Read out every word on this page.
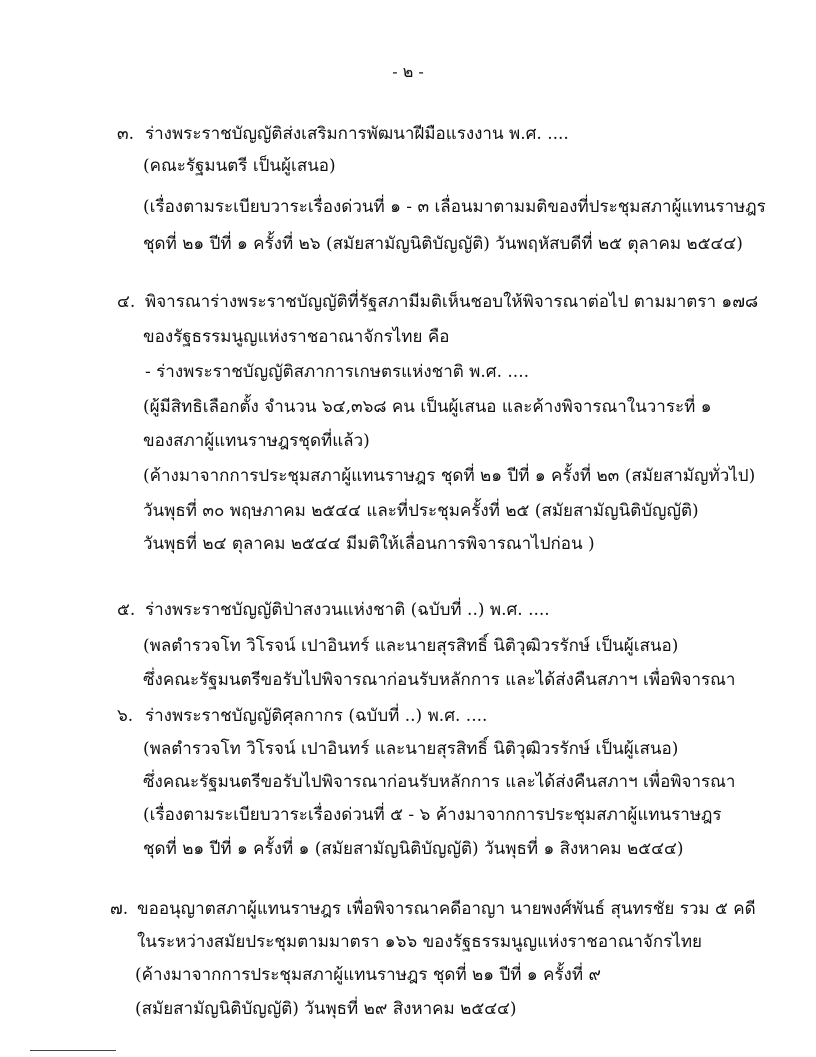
- ๒ -
๓. ร่างพระราชบัญญัติส่งเสริมการพัฒนาฝีมือแรงงาน พ.ศ. ....
(คณะรัฐมนตรี เป็นผู้เสนอ)
(เรื่องตามระเบียบวาระเรื่องด่วนที่ ๑ - ๓ เลื่อนมาตามมติของที่ประชุมสภาผู้แทนราษฎร
ชุดที่ ๒๑ ปีที่ ๑ ครั้งที่ ๒๖ (สมัยสามัญนิติบัญญัติ) วันพฤหัสบดีที่ ๒๕ ตุลาคม ๒๕๔๔)
๔. พิจารณาร่างพระราชบัญญัติที่รัฐสภามีมติเห็นชอบให้พิจารณาต่อไป ตามมาตรา ๑๗๘
ของรัฐธรรมนูญแห่งราชอาณาจักรไทย คือ
- ร่างพระราชบัญญัติสภาการเกษตรแห่งชาติ พ.ศ. ....
(ผู้มีสิทธิเลือกตั้ง จำนวน ๖๔,๓๖๘ คน เป็นผู้เสนอ และค้างพิจารณาในวาระที่ ๑
ของสภาผู้แทนราษฎรชุดที่แล้ว)
(ค้างมาจากการประชุมสภาผู้แทนราษฎร ชุดที่ ๒๑ ปีที่ ๑ ครั้งที่ ๒๓ (สมัยสามัญทั่วไป)
วันพุธที่ ๓๐ พฤษภาคม ๒๕๔๔ และที่ประชุมครั้งที่ ๒๕ (สมัยสามัญนิติบัญญัติ)
วันพุธที่ ๒๔ ตุลาคม ๒๕๔๔ มีมติให้เลื่อนการพิจารณาไปก่อน )
๕. ร่างพระราชบัญญัติป่าสงวนแห่งชาติ (ฉบับที่ ..) พ.ศ. ....
(พลตำรวจโท วิโรจน์ เปาอินทร์ และนายสุรสิทธิ์ นิติวุฒิวรรักษ์ เป็นผู้เสนอ)
ซึ่งคณะรัฐมนตรีขอรับไปพิจารณาก่อนรับหลักการ และได้ส่งคืนสภาฯ เพื่อพิจารณา
๖. ร่างพระราชบัญญัติศุลกากร (ฉบับที่ ..) พ.ศ. ....
(พลตำรวจโท วิโรจน์ เปาอินทร์ และนายสุรสิทธิ์ นิติวุฒิวรรักษ์ เป็นผู้เสนอ)
ซึ่งคณะรัฐมนตรีขอรับไปพิจารณาก่อนรับหลักการ และได้ส่งคืนสภาฯ เพื่อพิจารณา
(เรื่องตามระเบียบวาระเรื่องด่วนที่ ๕ - ๖ ค้างมาจากการประชุมสภาผู้แทนราษฎร
ชุดที่ ๒๑ ปีที่ ๑ ครั้งที่ ๑ (สมัยสามัญนิติบัญญัติ) วันพุธที่ ๑ สิงหาคม ๒๕๔๔)
๗. ขออนุญาตสภาผู้แทนราษฎร เพื่อพิจารณาคดีอาญา นายพงศ์พันธ์ สุนทรชัย รวม ๕ คดี
ในระหว่างสมัยประชุมตามมาตรา ๑๖๖ ของรัฐธรรมนูญแห่งราชอาณาจักรไทย
(ค้างมาจากการประชุมสภาผู้แทนราษฎร ชุดที่ ๒๑ ปีที่ ๑ ครั้งที่ ๙
(สมัยสามัญนิติบัญญัติ) วันพุธที่ ๒๙ สิงหาคม ๒๕๔๔)
